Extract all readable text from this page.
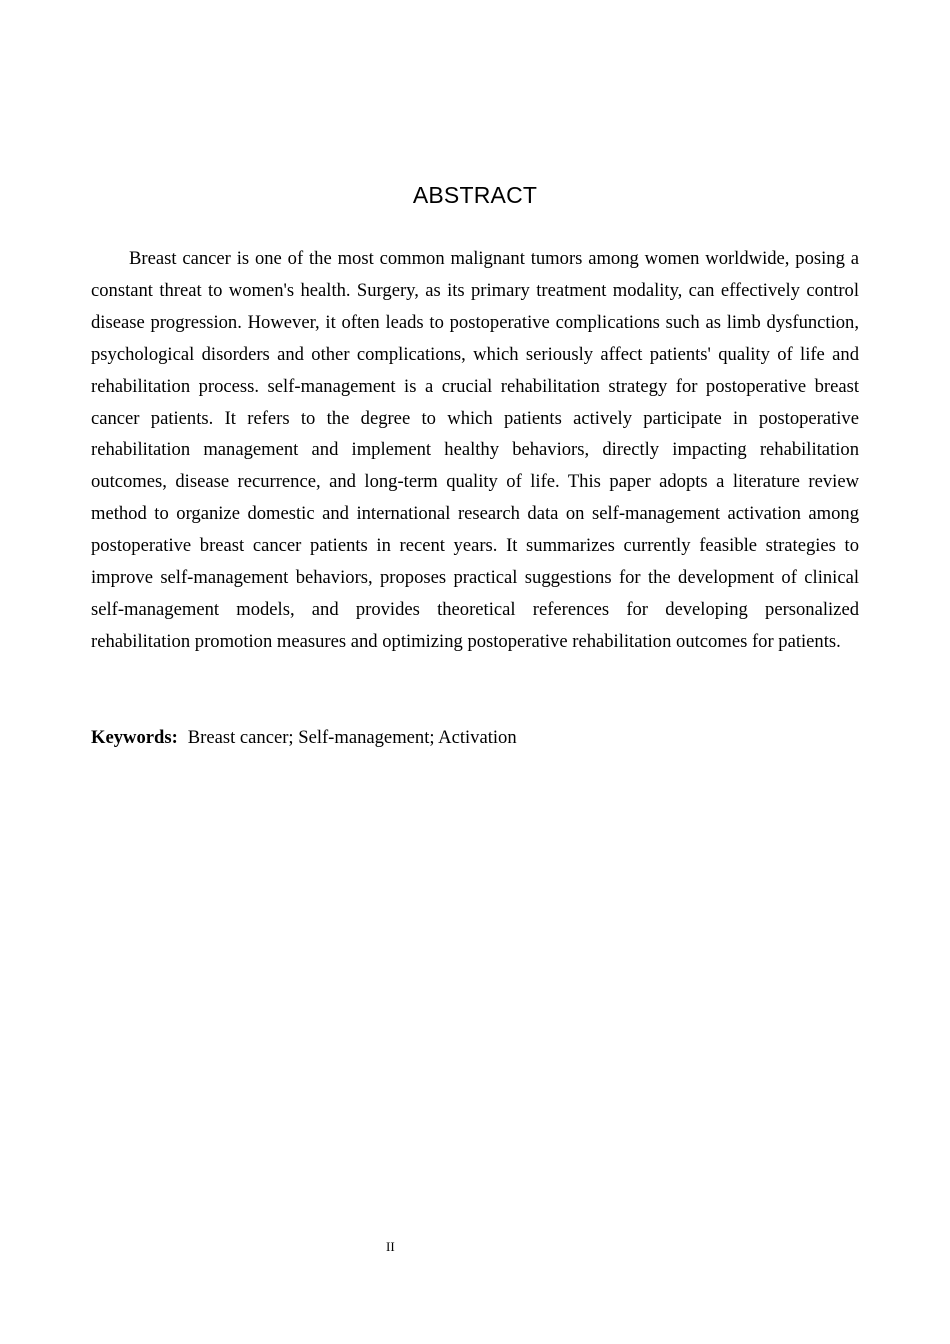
ABSTRACT

Breast cancer is one of the most common malignant tumors among women worldwide, posing a constant threat to women's health. Surgery, as its primary treatment modality, can effectively control disease progression. However, it often leads to postoperative complications such as limb dysfunction, psychological disorders and other complications, which seriously affect patients' quality of life and rehabilitation process. self-management is a crucial rehabilitation strategy for postoperative breast cancer patients. It refers to the degree to which patients actively participate in postoperative rehabilitation management and implement healthy behaviors, directly impacting rehabilitation outcomes, disease recurrence, and long-term quality of life. This paper adopts a literature review method to organize domestic and international research data on self-management activation among postoperative breast cancer patients in recent years. It summarizes currently feasible strategies to improve self-management behaviors, proposes practical suggestions for the development of clinical self-management models, and provides theoretical references for developing personalized rehabilitation promotion measures and optimizing postoperative rehabilitation outcomes for patients.

Keywords: Breast cancer; Self-management; Activation

II
